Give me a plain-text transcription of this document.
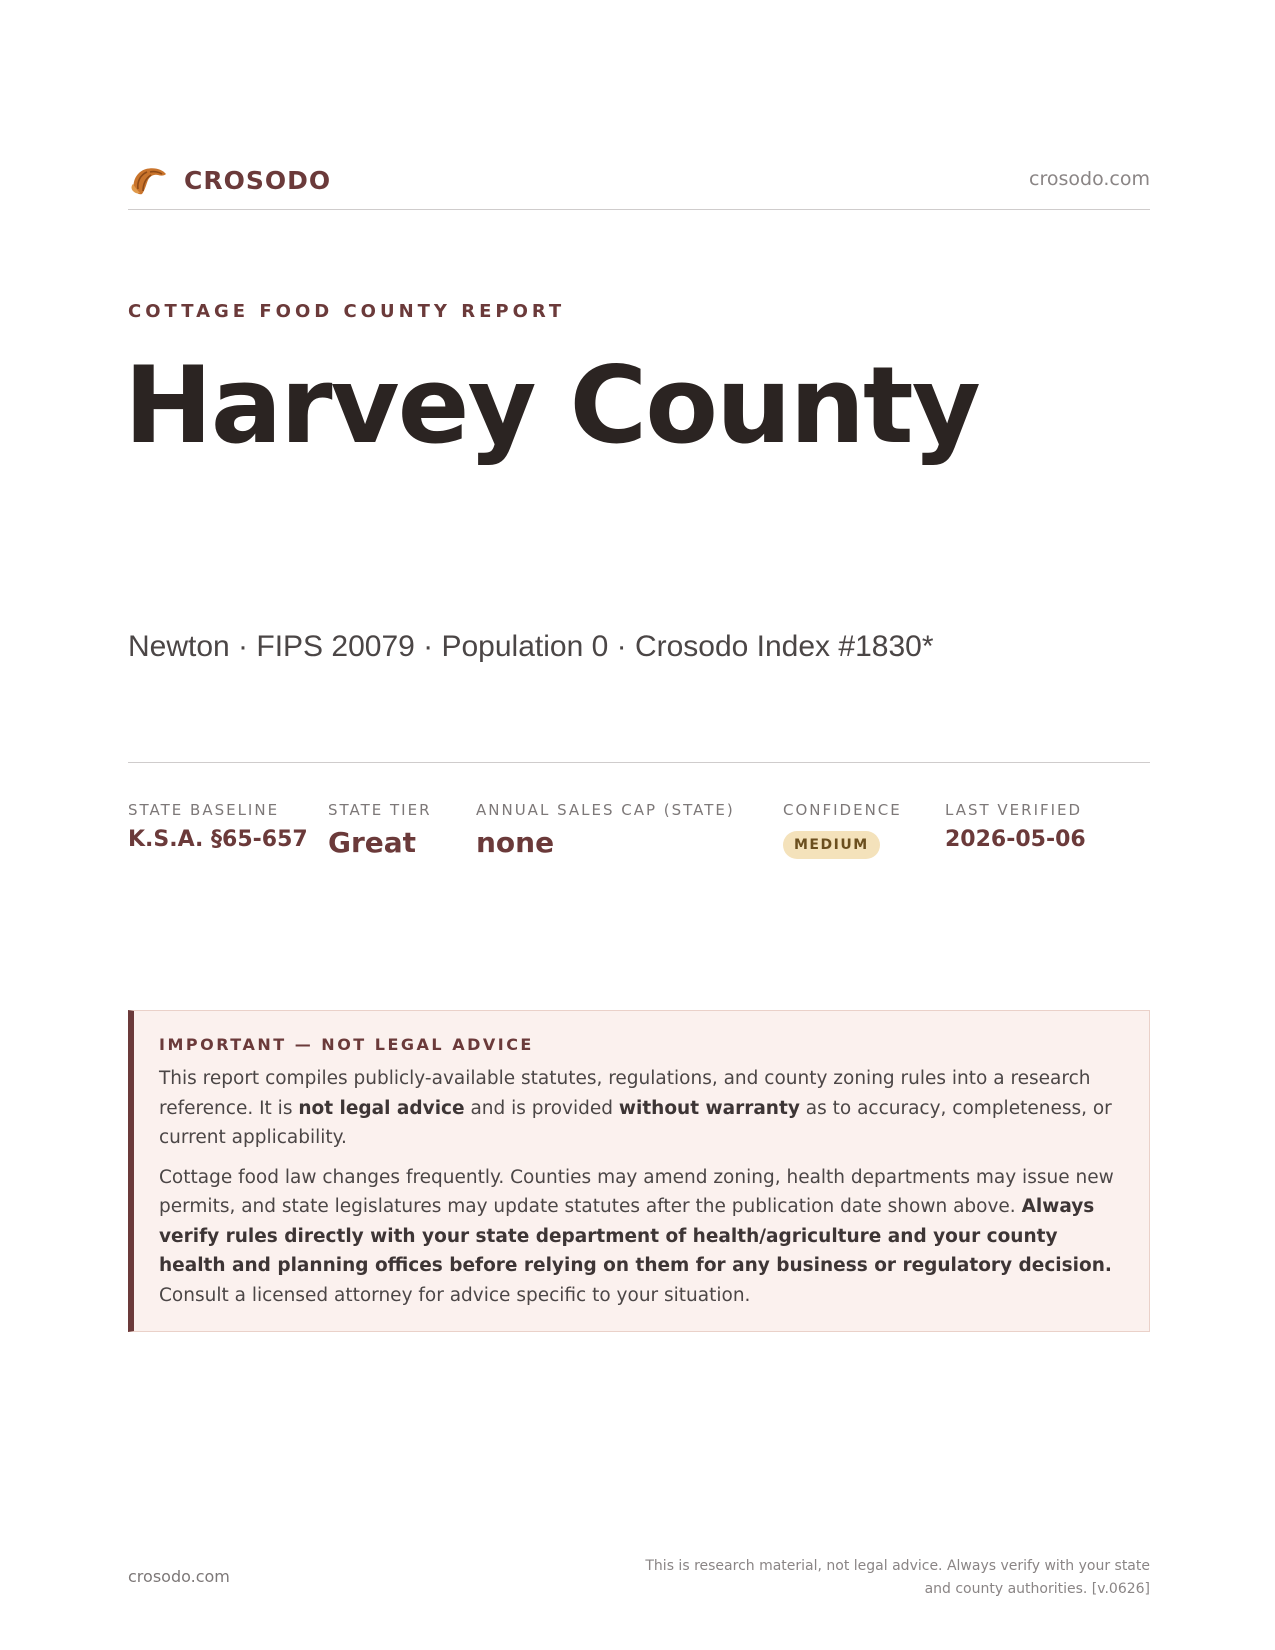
CROSODO	crosodo.com
COTTAGE FOOD COUNTY REPORT
Harvey County
Newton · FIPS 20079 · Population 0 · Crosodo Index #1830*
STATE BASELINE
K.S.A. §65-657
STATE TIER
Great
ANNUAL SALES CAP (STATE)
none
CONFIDENCE
MEDIUM
LAST VERIFIED
2026-05-06
IMPORTANT — NOT LEGAL ADVICE

This report compiles publicly-available statutes, regulations, and county zoning rules into a research reference. It is not legal advice and is provided without warranty as to accuracy, completeness, or current applicability.

Cottage food law changes frequently. Counties may amend zoning, health departments may issue new permits, and state legislatures may update statutes after the publication date shown above. Always verify rules directly with your state department of health/agriculture and your county health and planning offices before relying on them for any business or regulatory decision. Consult a licensed attorney for advice specific to your situation.

crosodo.com
This is research material, not legal advice. Always verify with your state
and county authorities. [v.0626]
